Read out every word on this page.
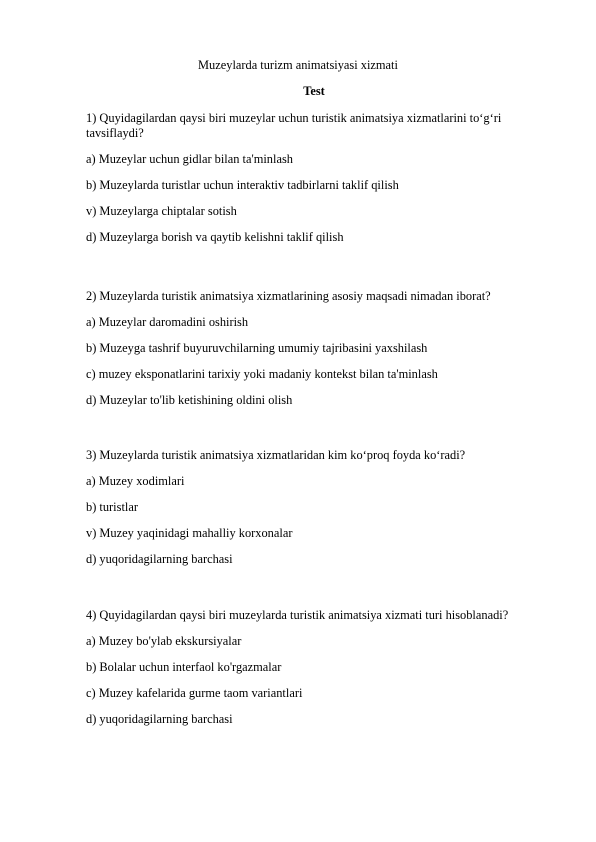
Muzeylarda turizm animatsiyasi xizmati
Test
1) Quyidagilardan qaysi biri muzeylar uchun turistik animatsiya xizmatlarini to‘g‘ri tavsiflaydi?
a) Muzeylar uchun gidlar bilan ta'minlash
b) Muzeylarda turistlar uchun interaktiv tadbirlarni taklif qilish
v) Muzeylarga chiptalar sotish
d) Muzeylarga borish va qaytib kelishni taklif qilish
2) Muzeylarda turistik animatsiya xizmatlarining asosiy maqsadi nimadan iborat?
a) Muzeylar daromadini oshirish
b) Muzeyga tashrif buyuruvchilarning umumiy tajribasini yaxshilash
c) muzey eksponatlarini tarixiy yoki madaniy kontekst bilan ta'minlash
d) Muzeylar to'lib ketishining oldini olish
3) Muzeylarda turistik animatsiya xizmatlaridan kim ko‘proq foyda ko‘radi?
a) Muzey xodimlari
b) turistlar
v) Muzey yaqinidagi mahalliy korxonalar
d) yuqoridagilarning barchasi
4) Quyidagilardan qaysi biri muzeylarda turistik animatsiya xizmati turi hisoblanadi?
a) Muzey bo'ylab ekskursiyalar
b) Bolalar uchun interfaol ko'rgazmalar
c) Muzey kafelarida gurme taom variantlari
d) yuqoridagilarning barchasi
